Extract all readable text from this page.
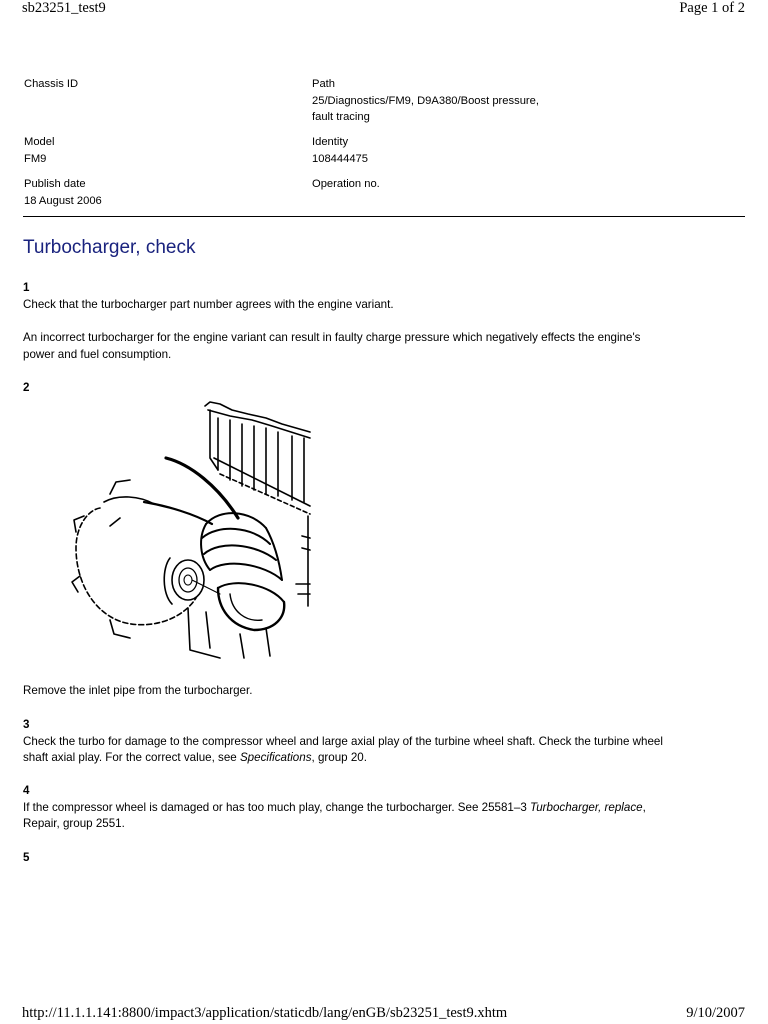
sb23251_test9	Page 1 of 2
Chassis ID
Model
FM9
Publish date
18 August 2006
Path
25/Diagnostics/FM9, D9A380/Boost pressure,
fault tracing
Identity
108444475
Operation no.
Turbocharger, check
1

Check that the turbocharger part number agrees with the engine variant.

An incorrect turbocharger for the engine variant can result in faulty charge pressure which negatively effects the engine's

power and fuel consumption.

2

Remove the inlet pipe from the turbocharger.

3

Check the turbo for damage to the compressor wheel and large axial play of the turbine wheel shaft. Check the turbine wheel

shaft axial play. For the correct value, see Specifications, group 20.

4

If the compressor wheel is damaged or has too much play, change the turbocharger. See 25581–3 Turbocharger, replace,

Repair, group 2551.

5
http://11.1.1.141:8800/impact3/application/staticdb/lang/enGB/sb23251_test9.xhtm	9/10/2007
